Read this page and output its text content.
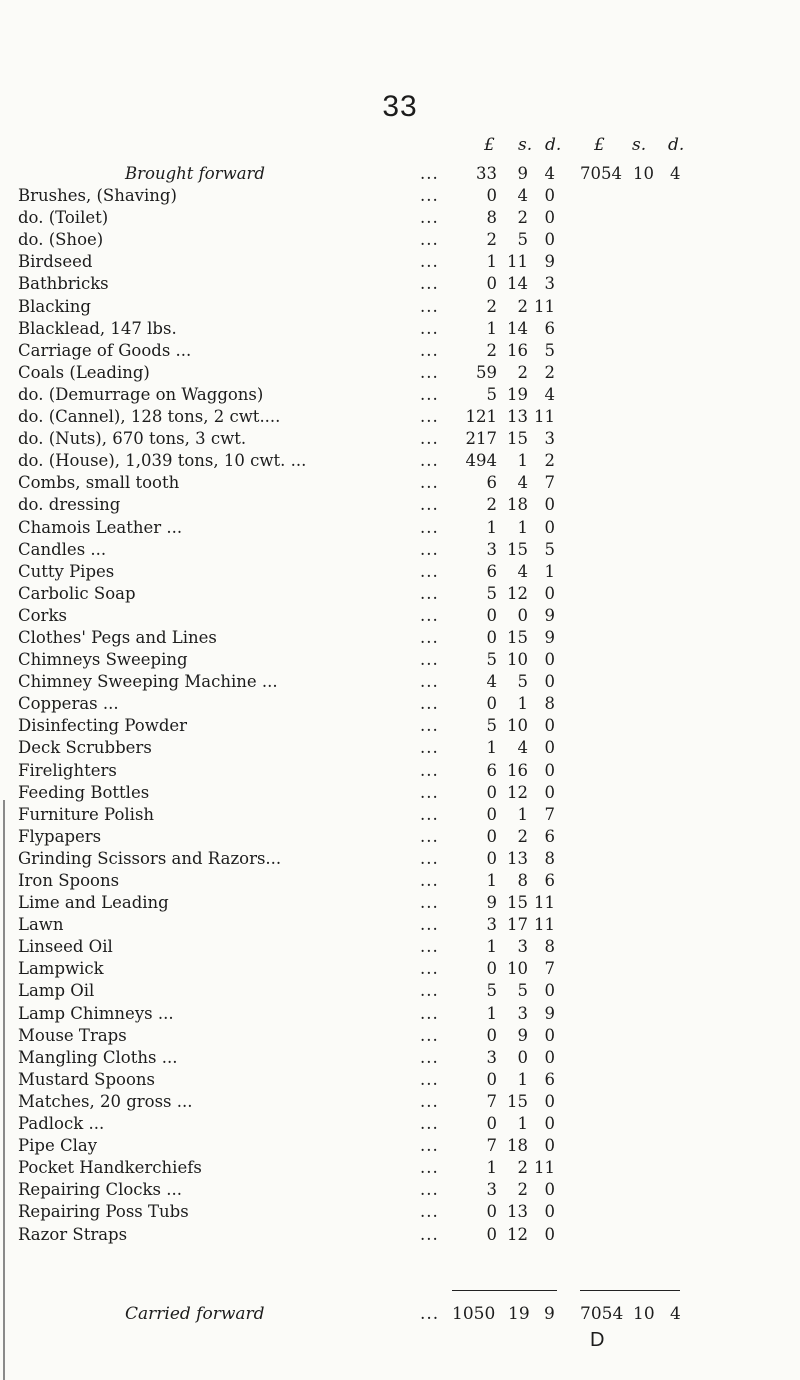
33
£ s. d. £ s. d.
Brought forward	... 33 9 4 7054 10 4
Brushes, (Shaving)	...	0 4 0
do. (Toilet)	...	8 2 0
do. (Shoe)	...	2 5 0
Birdseed	...	1 11 9
Bathbricks	...	0 14 3
Blacking	...	2 2 11
Blacklead, 147 lbs.	...	1 14 6
Carriage of Goods ...	...	2 16 5
Coals (Leading)	... 59 2 2
do. (Demurrage on Waggons)	...	5 19 4
do. (Cannel), 128 tons, 2 cwt....	... 121 13 11
do. (Nuts), 670 tons, 3 cwt.	... 217 15 3
do. (House), 1,039 tons, 10 cwt. ...	... 494 1 2
Combs, small tooth	...	6 4 7
do. dressing	...	2 18 0
Chamois Leather ...	...	1 1 0
Candles ...	...	3 15 5
Cutty Pipes	...	6 4 1
Carbolic Soap	...	5 12 0
Corks	...	0 0 9
Clothes' Pegs and Lines	...	0 15 9
Chimneys Sweeping	...	5 10 0
Chimney Sweeping Machine ...	...	4 5 0
Copperas ...	...	0 1 8
Disinfecting Powder	...	5 10 0
Deck Scrubbers	...	1 4 0
Firelighters	...	6 16 0
Feeding Bottles	...	0 12 0
Furniture Polish	...	0 1 7
Flypapers	...	0 2 6
Grinding Scissors and Razors...	...	0 13 8
Iron Spoons	...	1 8 6
Lime and Leading	...	9 15 11
Lawn	...	3 17 11
Linseed Oil	...	1 3 8
Lampwick	...	0 10 7
Lamp Oil	...	5 5 0
Lamp Chimneys ...	...	1 3 9
Mouse Traps	...	0 9 0
Mangling Cloths ...	...	3 0 0
Mustard Spoons	...	0 1 6
Matches, 20 gross ...	...	7 15 0
Padlock ...	...	0 1 0
Pipe Clay	...	7 18 0
Pocket Handkerchiefs	...	1 2 11
Repairing Clocks ...	...	3 2 0
Repairing Poss Tubs	...	0 13 0
Razor Straps	...	0 12 0
Carried forward	... 1050 19 9 7054 10 4
D
